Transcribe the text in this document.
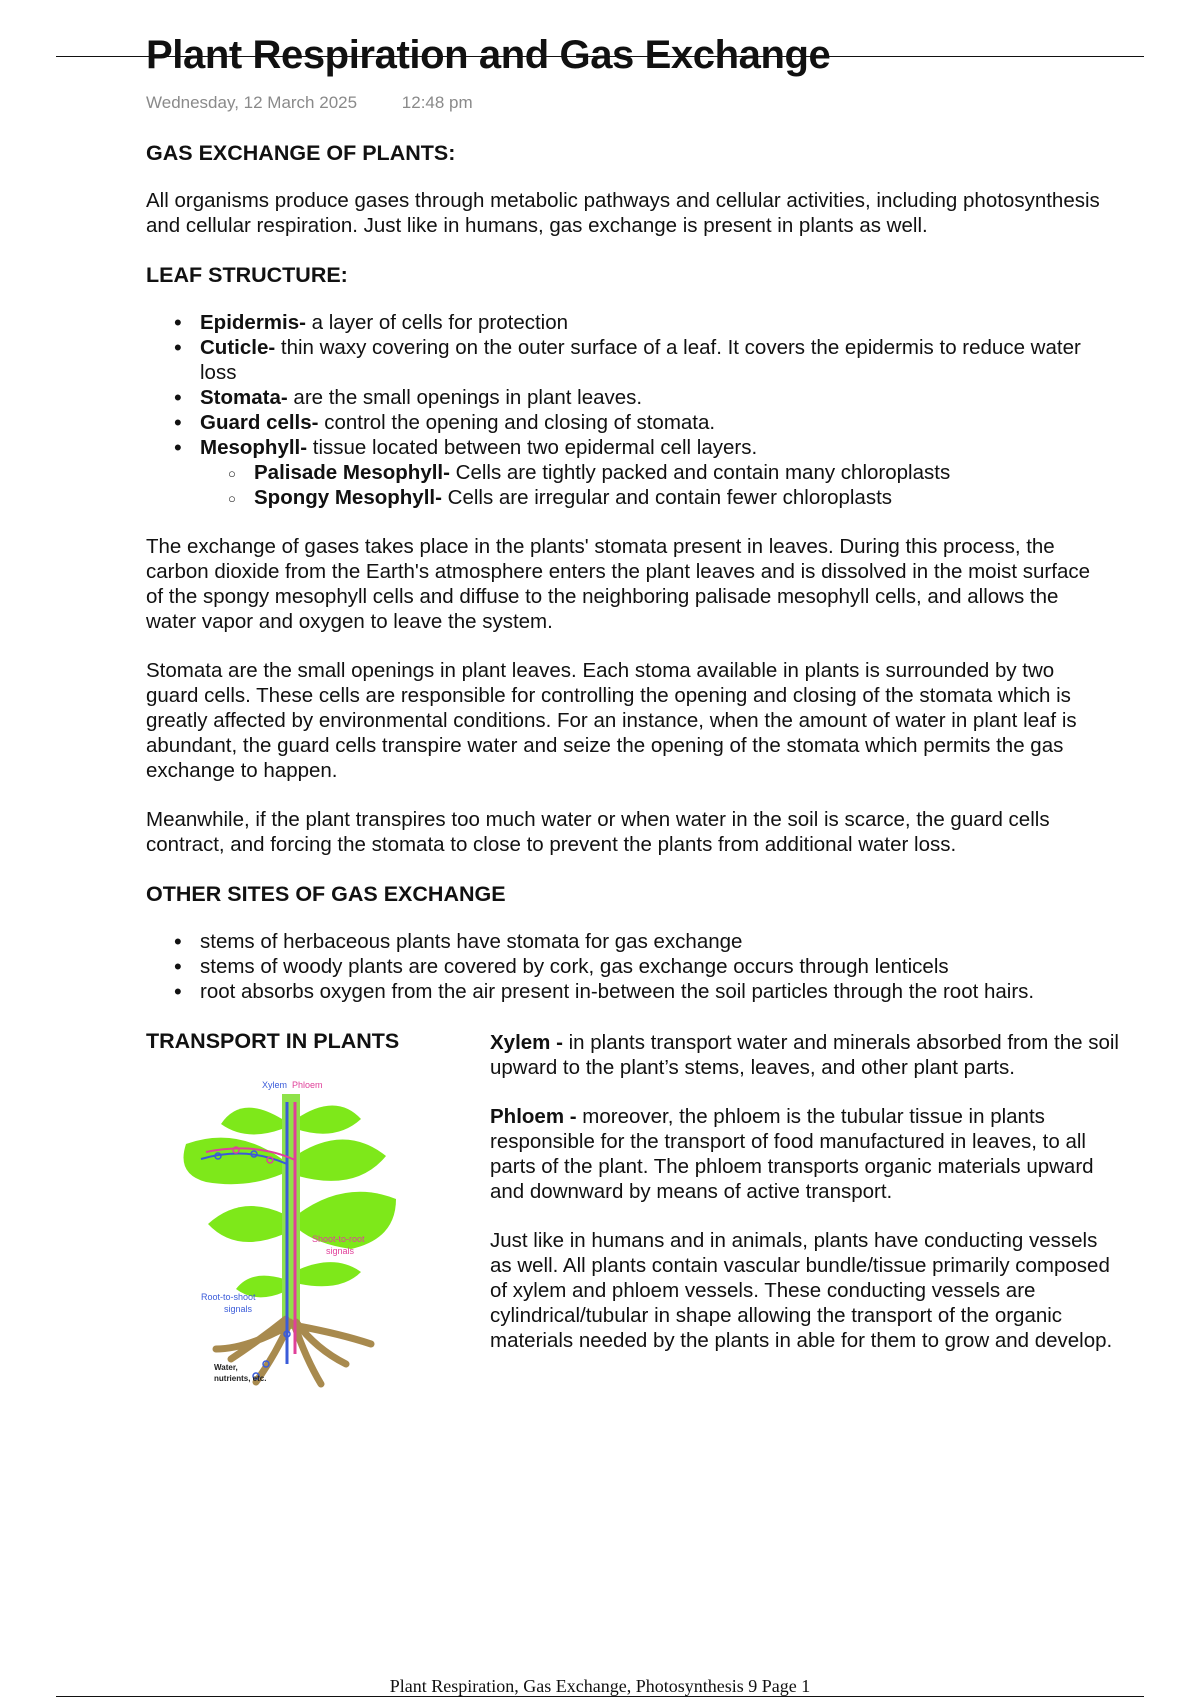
Plant Respiration and Gas Exchange
Wednesday, 12 March 2025	12:48 pm
GAS EXCHANGE OF PLANTS:

All organisms produce gases through metabolic pathways and cellular activities, including photosynthesis and cellular respiration. Just like in humans, gas exchange is present in plants as well.

LEAF STRUCTURE:
• Epidermis- a layer of cells for protection
• Cuticle- thin waxy covering on the outer surface of a leaf. It covers the epidermis to reduce water loss
• Stomata- are the small openings in plant leaves.
• Guard cells- control the opening and closing of stomata.
• Mesophyll- tissue located between two epidermal cell layers.
○ Palisade Mesophyll- Cells are tightly packed and contain many chloroplasts
○ Spongy Mesophyll- Cells are irregular and contain fewer chloroplasts

The exchange of gases takes place in the plants' stomata present in leaves. During this process, the carbon dioxide from the Earth's atmosphere enters the plant leaves and is dissolved in the moist surface of the spongy mesophyll cells and diffuse to the neighboring palisade mesophyll cells, and allows the water vapor and oxygen to leave the system.

Stomata are the small openings in plant leaves. Each stoma available in plants is surrounded by two guard cells. These cells are responsible for controlling the opening and closing of the stomata which is greatly affected by environmental conditions. For an instance, when the amount of water in plant leaf is abundant, the guard cells transpire water and seize the opening of the stomata which permits the gas exchange to happen.

Meanwhile, if the plant transpires too much water or when water in the soil is scarce, the guard cells contract, and forcing the stomata to close to prevent the plants from additional water loss.

OTHER SITES OF GAS EXCHANGE
• stems of herbaceous plants have stomata for gas exchange
• stems of woody plants are covered by cork, gas exchange occurs through lenticels
• root absorbs oxygen from the air present in-between the soil particles through the root hairs.
TRANSPORT IN PLANTS
Xylem Phloem
Shoot-to-root
signals
Root-to-shoot
signals
Water,
nutrients, etc.

Xylem - in plants transport water and minerals absorbed from the soil upward to the plant’s stems, leaves, and other plant parts.

Phloem - moreover, the phloem is the tubular tissue in plants responsible for the transport of food manufactured in leaves, to all parts of the plant. The phloem transports organic materials upward and downward by means of active transport.

Just like in humans and in animals, plants have conducting vessels as well. All plants contain vascular bundle/tissue primarily composed of xylem and phloem vessels. These conducting vessels are cylindrical/tubular in shape allowing the transport of the organic materials needed by the plants in able for them to grow and develop.

Plant Respiration, Gas Exchange, Photosynthesis 9 Page 1
